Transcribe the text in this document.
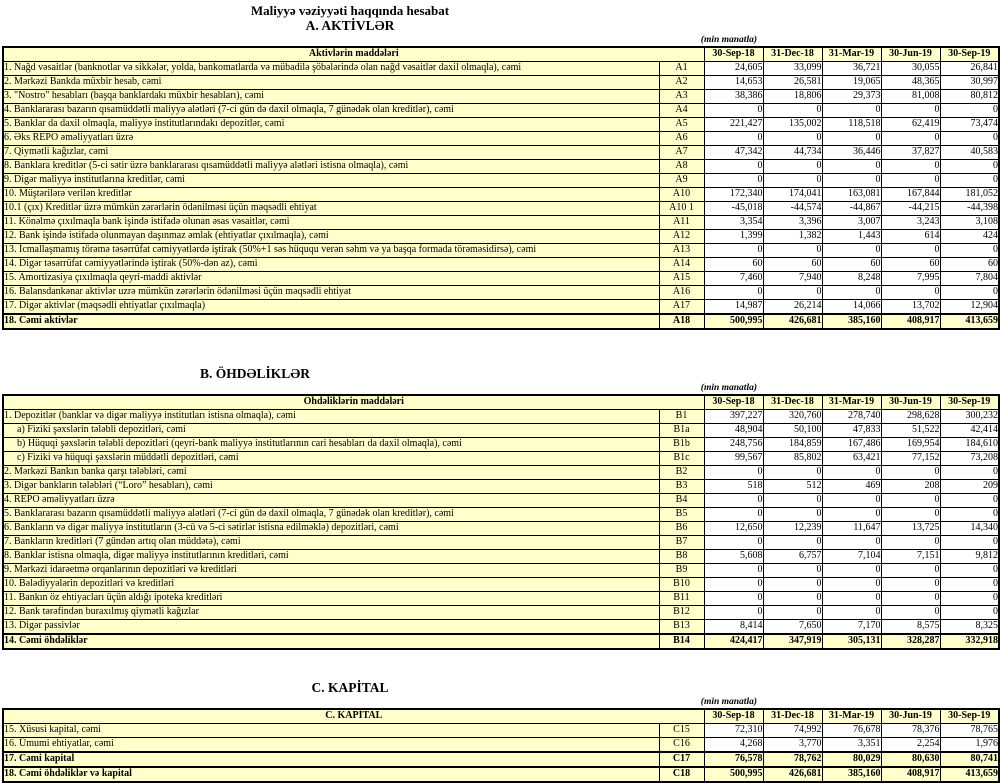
Maliyyə vəziyyəti haqqında hesabat
A. AKTİVLƏR
(min manatla)
Aktivlərin maddələri		30-Sep-18	31-Dec-18	31-Mar-19	30-Jun-19	30-Sep-19
1. Nağd vəsaitlər (banknotlar və sikkələr, yolda, bankomatlarda və mübadilə şöbələrində olan nağd vəsaitlər daxil olmaqla), cəmi	A1	24,605	33,099	36,721	30,055	26,841
2. Mərkəzi Bankda müxbir hesab, cəmi	A2	14,653	26,581	19,065	48,365	30,997
3. "Nostro" hesabları (başqa banklardakı müxbir hesabları), cəmi	A3	38,386	18,806	29,373	81,008	80,812
4. Banklararası bazarın qısamüddətli maliyyə alətləri (7-ci gün də daxil olmaqla, 7 günədək olan kreditlər), cəmi	A4	0	0	0	0	0
5. Banklar da daxil olmaqla, maliyyə institutlarındakı depozitlər, cəmi	A5	221,427	135,002	118,518	62,419	73,474
6. Əks REPO əməliyyatları üzrə	A6	0	0	0	0	0
7. Qiymətli kağızlar, cəmi	A7	47,342	44,734	36,446	37,827	40,583
8. Banklara kreditlər (5-ci sətir üzrə banklararası qısamüddətli maliyyə alətləri istisna olmaqla), cəmi	A8	0	0	0	0	0
9. Digər maliyyə institutlarına kreditlər, cəmi	A9	0	0	0	0	0
10. Müştərilərə verilən kreditlər	A10	172,340	174,041	163,081	167,844	181,052
10.1 (çıx) Kreditlər üzrə mümkün zərərlərin ödənilməsi üçün məqsədli ehtiyat	A10 1	-45,018	-44,574	-44,867	-44,215	-44,398
11. Könəlmə çıxılmaqla bank işində istifadə olunan əsas vəsaitlər, cəmi	A11	3,354	3,396	3,007	3,243	3,108
12. Bank işində istifadə olunmayan daşınmaz əmlak (ehtiyatlar çıxılmaqla), cəmi	A12	1,399	1,382	1,443	614	424
13. İcmallaşmamış törəmə təsərrüfat cəmiyyətlərdə iştirak (50%+1 səs hüququ verən səhm və ya başqa formada törəməsidirsə), cəmi	A13	0	0	0	0	0
14. Digər təsərrüfat cəmiyyətlərində iştirak (50%-dən az), cəmi	A14	60	60	60	60	60
15. Amortizasiya çıxılmaqla qeyri-maddi aktivlər	A15	7,460	7,940	8,248	7,995	7,804
16. Balansdankənar aktivlər uzrə mümkün zərərlərin ödənilməsi üçün məqsədli ehtiyat	A16	0	0	0	0	0
17. Digər aktivlər (məqsədli ehtiyatlar çıxılmaqla)	A17	14,987	26,214	14,066	13,702	12,904
18. Cəmi aktivlər	A18	500,995	426,681	385,160	408,917	413,659
B. ÖHDƏLİKLƏR
(min manatla)
Öhdəliklərin maddələri		30-Sep-18	31-Dec-18	31-Mar-19	30-Jun-19	30-Sep-19
1. Depozitlər (banklar və digər maliyyə institutları istisna olmaqla), cəmi	B1	397,227	320,760	278,740	298,628	300,232
a) Fiziki şəxslərin tələbli depozitləri, cəmi	B1a	48,904	50,100	47,833	51,522	42,414
b) Hüquqi şəxslərin tələbli depozitləri (qeyri-bank maliyyə institutlarının cari hesabları da daxil olmaqla), cəmi	B1b	248,756	184,859	167,486	169,954	184,610
c) Fiziki və hüquqi şəxslərin müddətli depozitləri, cəmi	B1c	99,567	85,802	63,421	77,152	73,208
2. Mərkəzi Bankın banka qarşı tələbləri, cəmi	B2	0	0	0	0	0
3. Digər bankların tələbləri (“Loro” hesabları), cəmi	B3	518	512	469	208	209
4. REPO əməliyyatları üzrə	B4	0	0	0	0	0
5. Banklararası bazarın qısamüddətli maliyyə alətləri (7-ci gün də daxil olmaqla, 7 günədək olan kreditlər), cəmi	B5	0	0	0	0	0
6. Bankların və digər maliyyə institutların (3-cü və 5-ci sətirlər istisna edilməklə) depozitləri, cəmi	B6	12,650	12,239	11,647	13,725	14,340
7. Bankların kreditləri (7 gündən artıq olan müddətə), cəmi	B7	0	0	0	0	0
8. Banklar istisna olmaqla, digər maliyyə institutlarının kreditləri, cəmi	B8	5,608	6,757	7,104	7,151	9,812
9. Mərkəzi idarəetmə orqanlarının depozitləri və kreditləri	B9	0	0	0	0	0
10. Bələdiyyələrin depozitləri və kreditləri	B10	0	0	0	0	0
11. Bankın öz ehtiyacları üçün aldığı ipoteka kreditləri	B11	0	0	0	0	0
12. Bank tərəfindən buraxılmış qiymətli kağızlar	B12	0	0	0	0	0
13. Digər passivlər	B13	8,414	7,650	7,170	8,575	8,325
14. Cəmi öhdəliklər	B14	424,417	347,919	305,131	328,287	332,918
C. KAPİTAL
(min manatla)
C. KAPİTAL		30-Sep-18	31-Dec-18	31-Mar-19	30-Jun-19	30-Sep-19
15. Xüsusi kapital, cəmi	C15	72,310	74,992	76,678	78,376	78,765
16. Ümumi ehtiyatlar, cəmi	C16	4,268	3,770	3,351	2,254	1,976
17. Cəmi kapital	C17	76,578	78,762	80,029	80,630	80,741
18. Cəmi öhdəliklər və kapital	C18	500,995	426,681	385,160	408,917	413,659
